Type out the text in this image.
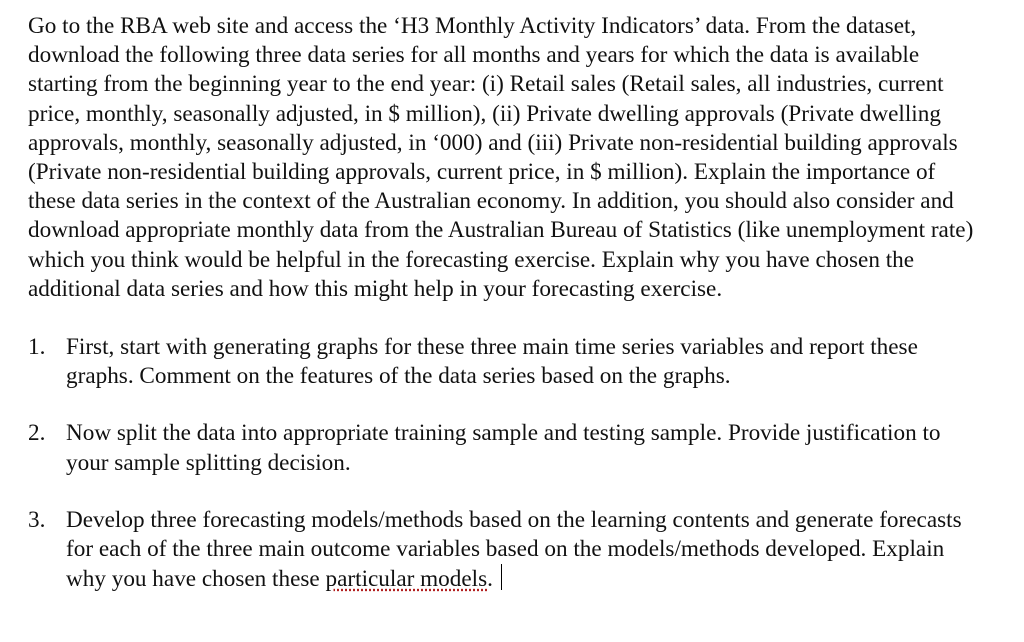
Go to the RBA web site and access the ‘H3 Monthly Activity Indicators’ data. From the dataset, download the following three data series for all months and years for which the data is available starting from the beginning year to the end year: (i) Retail sales (Retail sales, all industries, current price, monthly, seasonally adjusted, in $ million), (ii) Private dwelling approvals (Private dwelling approvals, monthly, seasonally adjusted, in ‘000) and (iii) Private non-residential building approvals (Private non-residential building approvals, current price, in $ million). Explain the importance of these data series in the context of the Australian economy. In addition, you should also consider and download appropriate monthly data from the Australian Bureau of Statistics (like unemployment rate) which you think would be helpful in the forecasting exercise. Explain why you have chosen the additional data series and how this might help in your forecasting exercise.

1. First, start with generating graphs for these three main time series variables and report these graphs. Comment on the features of the data series based on the graphs.
2. Now split the data into appropriate training sample and testing sample. Provide justification to your sample splitting decision.
3. Develop three forecasting models/methods based on the learning contents and generate forecasts for each of the three main outcome variables based on the models/methods developed. Explain why you have chosen these particular models.
